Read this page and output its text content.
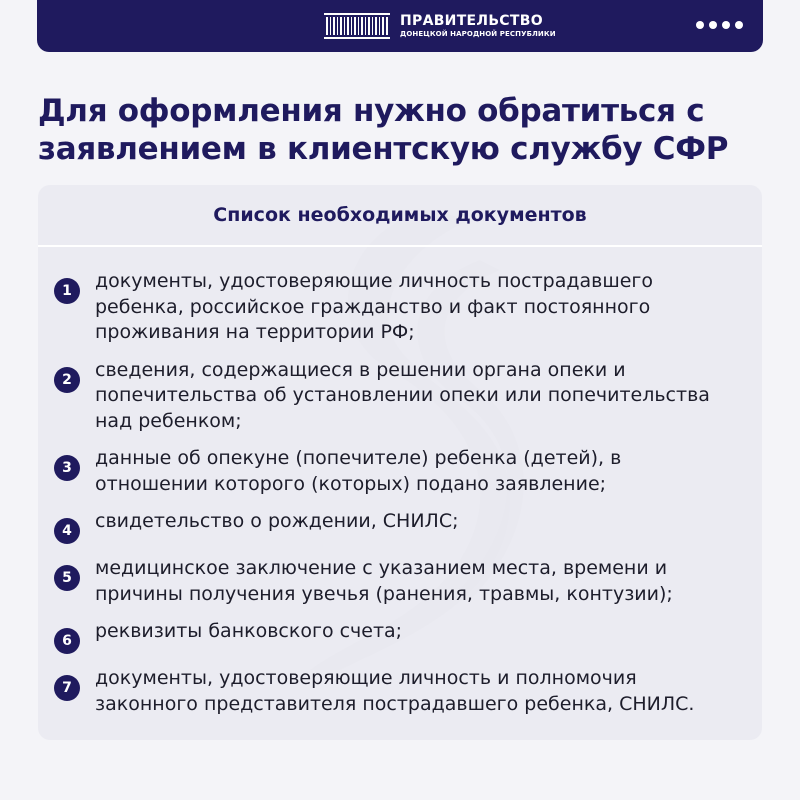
ПРАВИТЕЛЬСТВО
ДОНЕЦКОЙ НАРОДНОЙ РЕСПУБЛИКИ
Для оформления нужно обратиться с заявлением в клиентскую службу СФР
Список необходимых документов
1	документы, удостоверяющие личность пострадавшего ребенка, российское гражданство и факт постоянного проживания на территории РФ;
2	сведения, содержащиеся в решении органа опеки и попечительства об установлении опеки или попечительства над ребенком;
3	данные об опекуне (попечителе) ребенка (детей), в отношении которого (которых) подано заявление;
4	свидетельство о рождении, СНИЛС;
5	медицинское заключение с указанием места, времени и причины получения увечья (ранения, травмы, контузии);
6	реквизиты банковского счета;
7	документы, удостоверяющие личность и полномочия законного представителя пострадавшего ребенка, СНИЛС.
